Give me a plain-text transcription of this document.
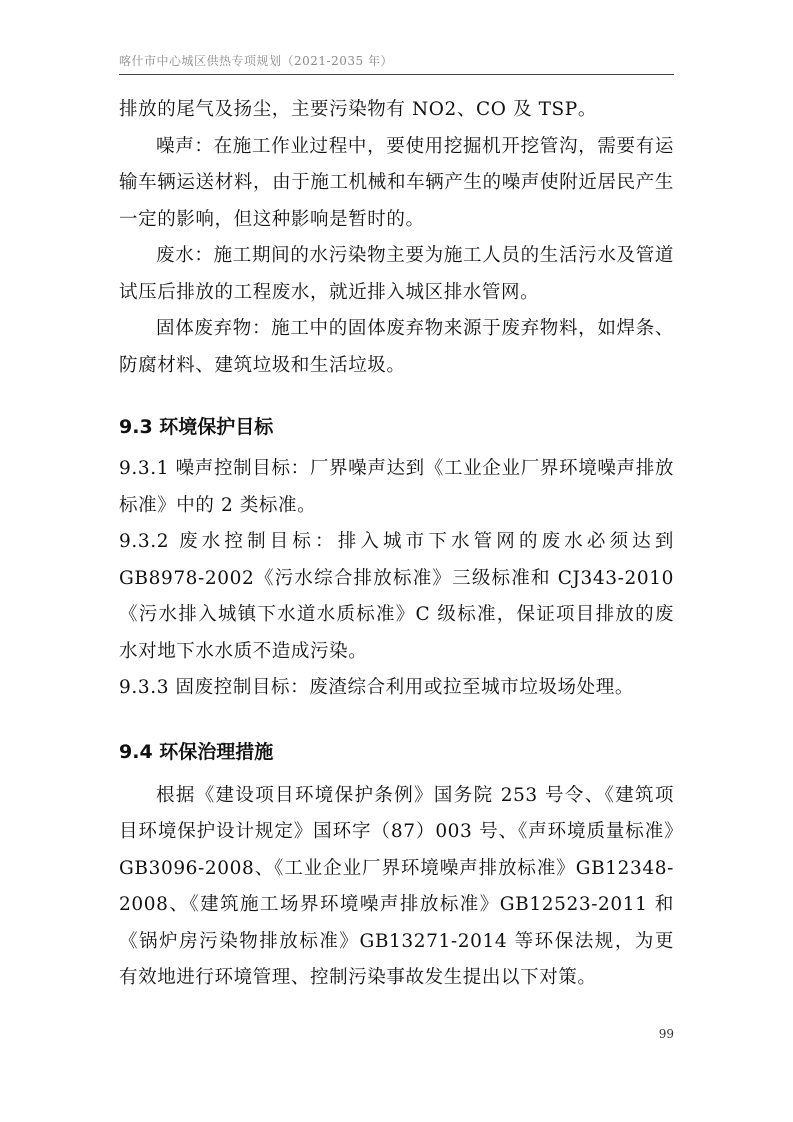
喀什市中心城区供热专项规划（2021-2035 年）

排放的尾气及扬尘，主要污染物有 NO2、CO 及 TSP。

噪声：在施工作业过程中，要使用挖掘机开挖管沟，需要有运输车辆运送材料，由于施工机械和车辆产生的噪声使附近居民产生一定的影响，但这种影响是暂时的。

废水：施工期间的水污染物主要为施工人员的生活污水及管道试压后排放的工程废水，就近排入城区排水管网。

固体废弃物：施工中的固体废弃物来源于废弃物料，如焊条、防腐材料、建筑垃圾和生活垃圾。

9.3 环境保护目标

9.3.1 噪声控制目标：厂界噪声达到《工业企业厂界环境噪声排放标准》中的 2 类标准。

9.3.2 废水控制目标：排入城市下水管网的废水必须达到 GB8978-2002《污水综合排放标准》三级标准和 CJ343-2010《污水排入城镇下水道水质标准》C 级标准，保证项目排放的废水对地下水水质不造成污染。

9.3.3 固废控制目标：废渣综合利用或拉至城市垃圾场处理。

9.4 环保治理措施

根据《建设项目环境保护条例》国务院 253 号令、《建筑项目环境保护设计规定》国环字（87）003 号、《声环境质量标准》GB3096-2008、《工业企业厂界环境噪声排放标准》GB12348-2008、《建筑施工场界环境噪声排放标准》GB12523-2011 和《锅炉房污染物排放标准》GB13271-2014 等环保法规，为更有效地进行环境管理、控制污染事故发生提出以下对策。

99
